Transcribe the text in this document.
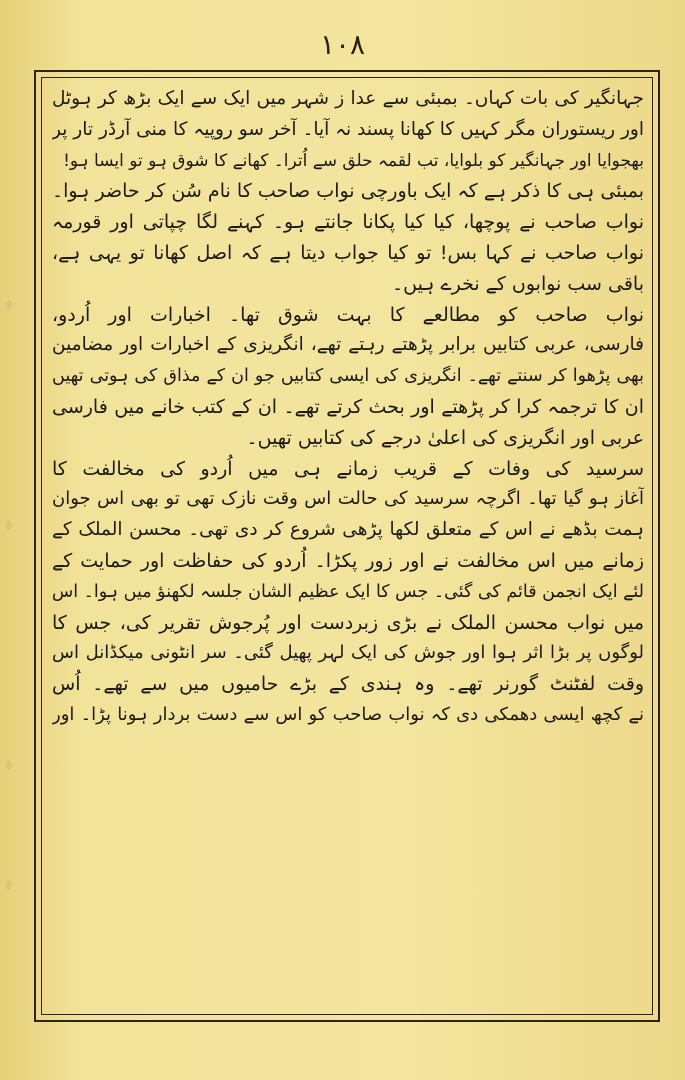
۱۰۸
جہانگیر کی بات کہاں۔ بمبئی سے عدا ز شہر میں ایک سے ایک بڑھ کر ہوٹل
اور ریستوران مگر کہیں کا کھانا پسند نہ آیا۔ آخر سو روپیہ کا منی آرڈر تار پر
بھجوایا اور جہانگیر کو بلوایا، تب لقمہ حلق سے اُترا۔ کھانے کا شوق ہو تو ایسا ہو!
بمبئی ہی کا ذکر ہے کہ ایک باورچی نواب صاحب کا نام سُن کر حاضر ہوا۔
نواب صاحب نے پوچھا، کیا کیا پکانا جانتے ہو۔ کہنے لگا چپاتی اور قورمہ
نواب صاحب نے کہا بس! تو کیا جواب دیتا ہے کہ اصل کھانا تو یہی ہے،
باقی سب نوابوں کے نخرے ہیں۔
نواب صاحب کو مطالعے کا بہت شوق تھا۔ اخبارات اور اُردو،
فارسی، عربی کتابیں برابر پڑھتے رہتے تھے، انگریزی کے اخبارات اور مضامین
بھی پڑھوا کر سنتے تھے۔ انگریزی کی ایسی کتابیں جو ان کے مذاق کی ہوتی تھیں
ان کا ترجمہ کرا کر پڑھتے اور بحث کرتے تھے۔ ان کے کتب خانے میں فارسی
عربی اور انگریزی کی اعلیٰ درجے کی کتابیں تھیں۔
سرسید کی وفات کے قریب زمانے ہی میں اُردو کی مخالفت کا
آغاز ہو گیا تھا۔ اگرچہ سرسید کی حالت اس وقت نازک تھی تو بھی اس جوان
ہمت بڈھے نے اس کے متعلق لکھا پڑھی شروع کر دی تھی۔ محسن الملک کے
زمانے میں اس مخالفت نے اور زور پکڑا۔ اُردو کی حفاظت اور حمایت کے
لئے ایک انجمن قائم کی گئی۔ جس کا ایک عظیم الشان جلسہ لکھنؤ میں ہوا۔ اس
میں نواب محسن الملک نے بڑی زبردست اور پُرجوش تقریر کی، جس کا
لوگوں پر بڑا اثر ہوا اور جوش کی ایک لہر پھیل گئی۔ سر انٹونی میکڈانل اس
وقت لفٹنٹ گورنر تھے۔ وہ ہندی کے بڑے حامیوں میں سے تھے۔ اُس
نے کچھ ایسی دھمکی دی کہ نواب صاحب کو اس سے دست بردار ہونا پڑا۔ اور
